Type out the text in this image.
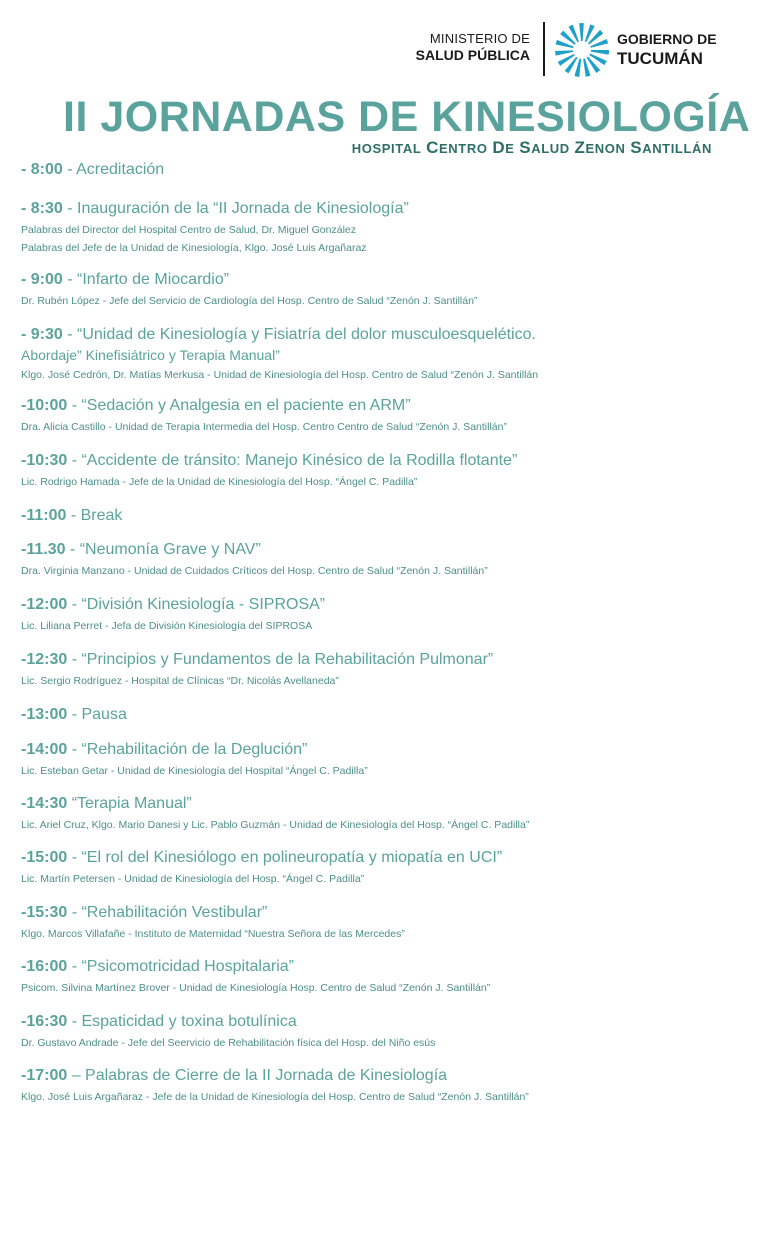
MINISTERIO DE
SALUD PÚBLICA
GOBIERNO DE
TUCUMÁN
II JORNADAS DE KINESIOLOGÍA
HOSPITAL CENTRO DE SALUD ZENON SANTILLÁN
- 8:00 - Acreditación
- 8:30 - Inauguración de la “II Jornada de Kinesiología”
Palabras del Director del Hospital Centro de Salud, Dr. Miguel González
Palabras del Jefe de la Unidad de Kinesiología, Klgo. José Luis Argañaraz
- 9:00 - “Infarto de Miocardio”
Dr. Rubén López - Jefe del Servicio de Cardiología del Hosp. Centro de Salud “Zenón J. Santillán”
- 9:30 - “Unidad de Kinesiología y Fisiatría del dolor musculoesquelético.
Abordaje” Kinefisiátrico y Terapia Manual”
Klgo. José Cedrón, Dr. Matías Merkusa - Unidad de Kinesiología del Hosp. Centro de Salud “Zenón J. Santillán
-10:00 - “Sedación y Analgesia en el paciente en ARM”
Dra. Alicia Castillo - Unidad de Terapia Intermedia del Hosp. Centro Centro de Salud “Zenón J. Santillán”
-10:30 - “Accidente de tránsito: Manejo Kinésico de la Rodilla flotante”
Lic. Rodrigo Hamada - Jefe de la Unidad de Kinesiología del Hosp. “Ángel C. Padilla”
-11:00 - Break
-11.30 - “Neumonía Grave y NAV”
Dra. Virginia Manzano - Unidad de Cuidados Críticos del Hosp. Centro de Salud “Zenón J. Santillán”
-12:00 - “División Kinesiología - SIPROSA”
Lic. Liliana Perret - Jefa de División Kinesiología del SIPROSA
-12:30 - “Principios y Fundamentos de la Rehabilitación Pulmonar”
Lic. Sergio Rodríguez - Hospital de Clínicas “Dr. Nicolás Avellaneda”
-13:00 - Pausa
-14:00 - “Rehabilitación de la Deglución”
Lic. Esteban Getar - Unidad de Kinesiología del Hospital “Ángel C. Padilla”
-14:30 “Terapia Manual”
Lic. Ariel Cruz, Klgo. Mario Danesi y Lic. Pablo Guzmán - Unidad de Kinesiología del Hosp. “Ángel C. Padilla”
-15:00 - “El rol del Kinesiólogo en polineuropatía y miopatía en UCI”
Lic. Martín Petersen - Unidad de Kinesiología del Hosp. “Ángel C. Padilla”
-15:30 - “Rehabilitación Vestibular”
Klgo. Marcos Villafañe - Instituto de Maternidad “Nuestra Señora de las Mercedes”
-16:00 - “Psicomotricidad Hospitalaria”
Psicom. Silvina Martínez Brover - Unidad de Kinesiología Hosp. Centro de Salud “Zenón J. Santillán”
-16:30 - Espaticidad y toxina botulínica
Dr. Gustavo Andrade - Jefe del Seervicio de Rehabilitación física del Hosp. del Niño esús
-17:00 – Palabras de Cierre de la II Jornada de Kinesiología
Klgo. José Luis Argañaraz - Jefe de la Unidad de Kinesiología del Hosp. Centro de Salud “Zenón J. Santillán”
